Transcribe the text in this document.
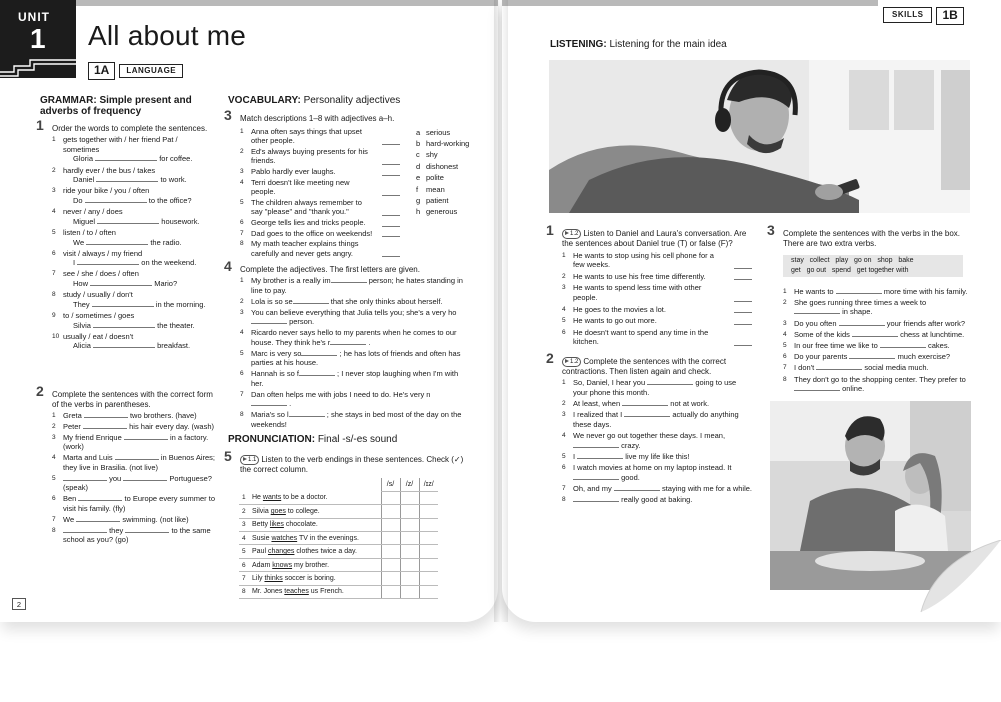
UNIT
1 All about me
1A	LANGUAGE
GRAMMAR: Simple present and adverbs of frequency
1 Order the words to complete the sentences.
1 gets together with / her friend Pat / sometimes
Gloria	for coffee.
2 hardly ever / the bus / takes
Daniel	to work.
3 ride your bike / you / often
Do	to the office?
4 never / any / does
Miguel	housework.
5 listen / to / often
We	the radio.
6 visit / always / my friend
I	on the weekend.
7 see / she / does / often
How	Mario?
8 study / usually / don't
They	in the morning.
9 to / sometimes / goes
Silvia	the theater.
10 usually / eat / doesn't
Alicia	breakfast.
2 Complete the sentences with the correct form of the verbs in parentheses.
1 Greta	two brothers. (have)
2 Peter	his hair every day. (wash)
3 My friend Enrique	in a factory. (work)
4 Marta and Luis	in Buenos Aires; they live in Brasilia. (not live)
5	you	Portuguese? (speak)
6 Ben	to Europe every summer to visit his family. (fly)
7 We	swimming. (not like)
8	they	to the same school as you? (go)
VOCABULARY: Personality adjectives
3 Match descriptions 1–8 with adjectives a–h.
1 Anna often says things that upset other people.
2 Ed's always buying presents for his friends.
3 Pablo hardly ever laughs.
4 Terri doesn't like meeting new people.
5 The children always remember to say "please" and "thank you."
6 George tells lies and tricks people.
7 Dad goes to the office on weekends!
8 My math teacher explains things carefully and never gets angry.
a serious
b hard-working
c shy
d dishonest
e polite
f mean
g patient
h generous
4 Complete the adjectives. The first letters are given.
1 My brother is a really im	person; he hates standing in line to pay.
2 Lola is so se	that she only thinks about herself.
3 You can believe everything that Julia tells you; she's a very ho person.
4 Ricardo never says hello to my parents when he comes to our house. They think he's r	.
5 Marc is very so	; he has lots of friends and often has parties at his house.
6 Hannah is so f	; I never stop laughing when I'm with her.
7 Dan often helps me with jobs I need to do. He's very n .
8 Maria's so l	; she stays in bed most of the day on the weekends!
PRONUNCIATION: Final -s/-es sound
5	1.1 Listen to the verb endings in these sentences. Check (✓) the correct column.
	/s/	/z/	/ɪz/
1 He wants to be a doctor.			
2 Silvia goes to college.			
3 Betty likes chocolate.			
4 Susie watches TV in the evenings.			
5 Paul changes clothes twice a day.			
6 Adam knows my brother.			
7 Lily thinks soccer is boring.			
8 Mr. Jones teaches us French.			
2
SKILLS	1B
LISTENING: Listening for the main idea
1	1.2 Listen to Daniel and Laura's conversation. Are the sentences about Daniel true (T) or false (F)?
1 He wants to stop using his cell phone for a few weeks.
2 He wants to use his free time differently.
3 He wants to spend less time with other people.
4 He goes to the movies a lot.
5 He wants to go out more.
6 He doesn't want to spend any time in the kitchen.
2	1.2 Complete the sentences with the correct contractions. Then listen again and check.
1 So, Daniel, I hear you	going to use your phone this month.
2 At least, when	not at work.
3 I realized that I	actually do anything these days.
4 We never go out together these days. I mean,  crazy.
5 I	live my life like this!
6 I watch movies at home on my laptop instead. It  good.
7 Oh, and my	staying with me for a while.
8	really good at baking.
3 Complete the sentences with the verbs in the box. There are two extra verbs.
stay   collect   play   go on   shop   bake
get   go out   spend   get together with
1 He wants to	more time with his family.
2 She goes running three times a week to  in shape.
3 Do you often	your friends after work?
4 Some of the kids	chess at lunchtime.
5 In our free time we like to	cakes.
6 Do your parents	much exercise?
7 I don't	social media much.
8 They don't go to the shopping center. They prefer to  online.
